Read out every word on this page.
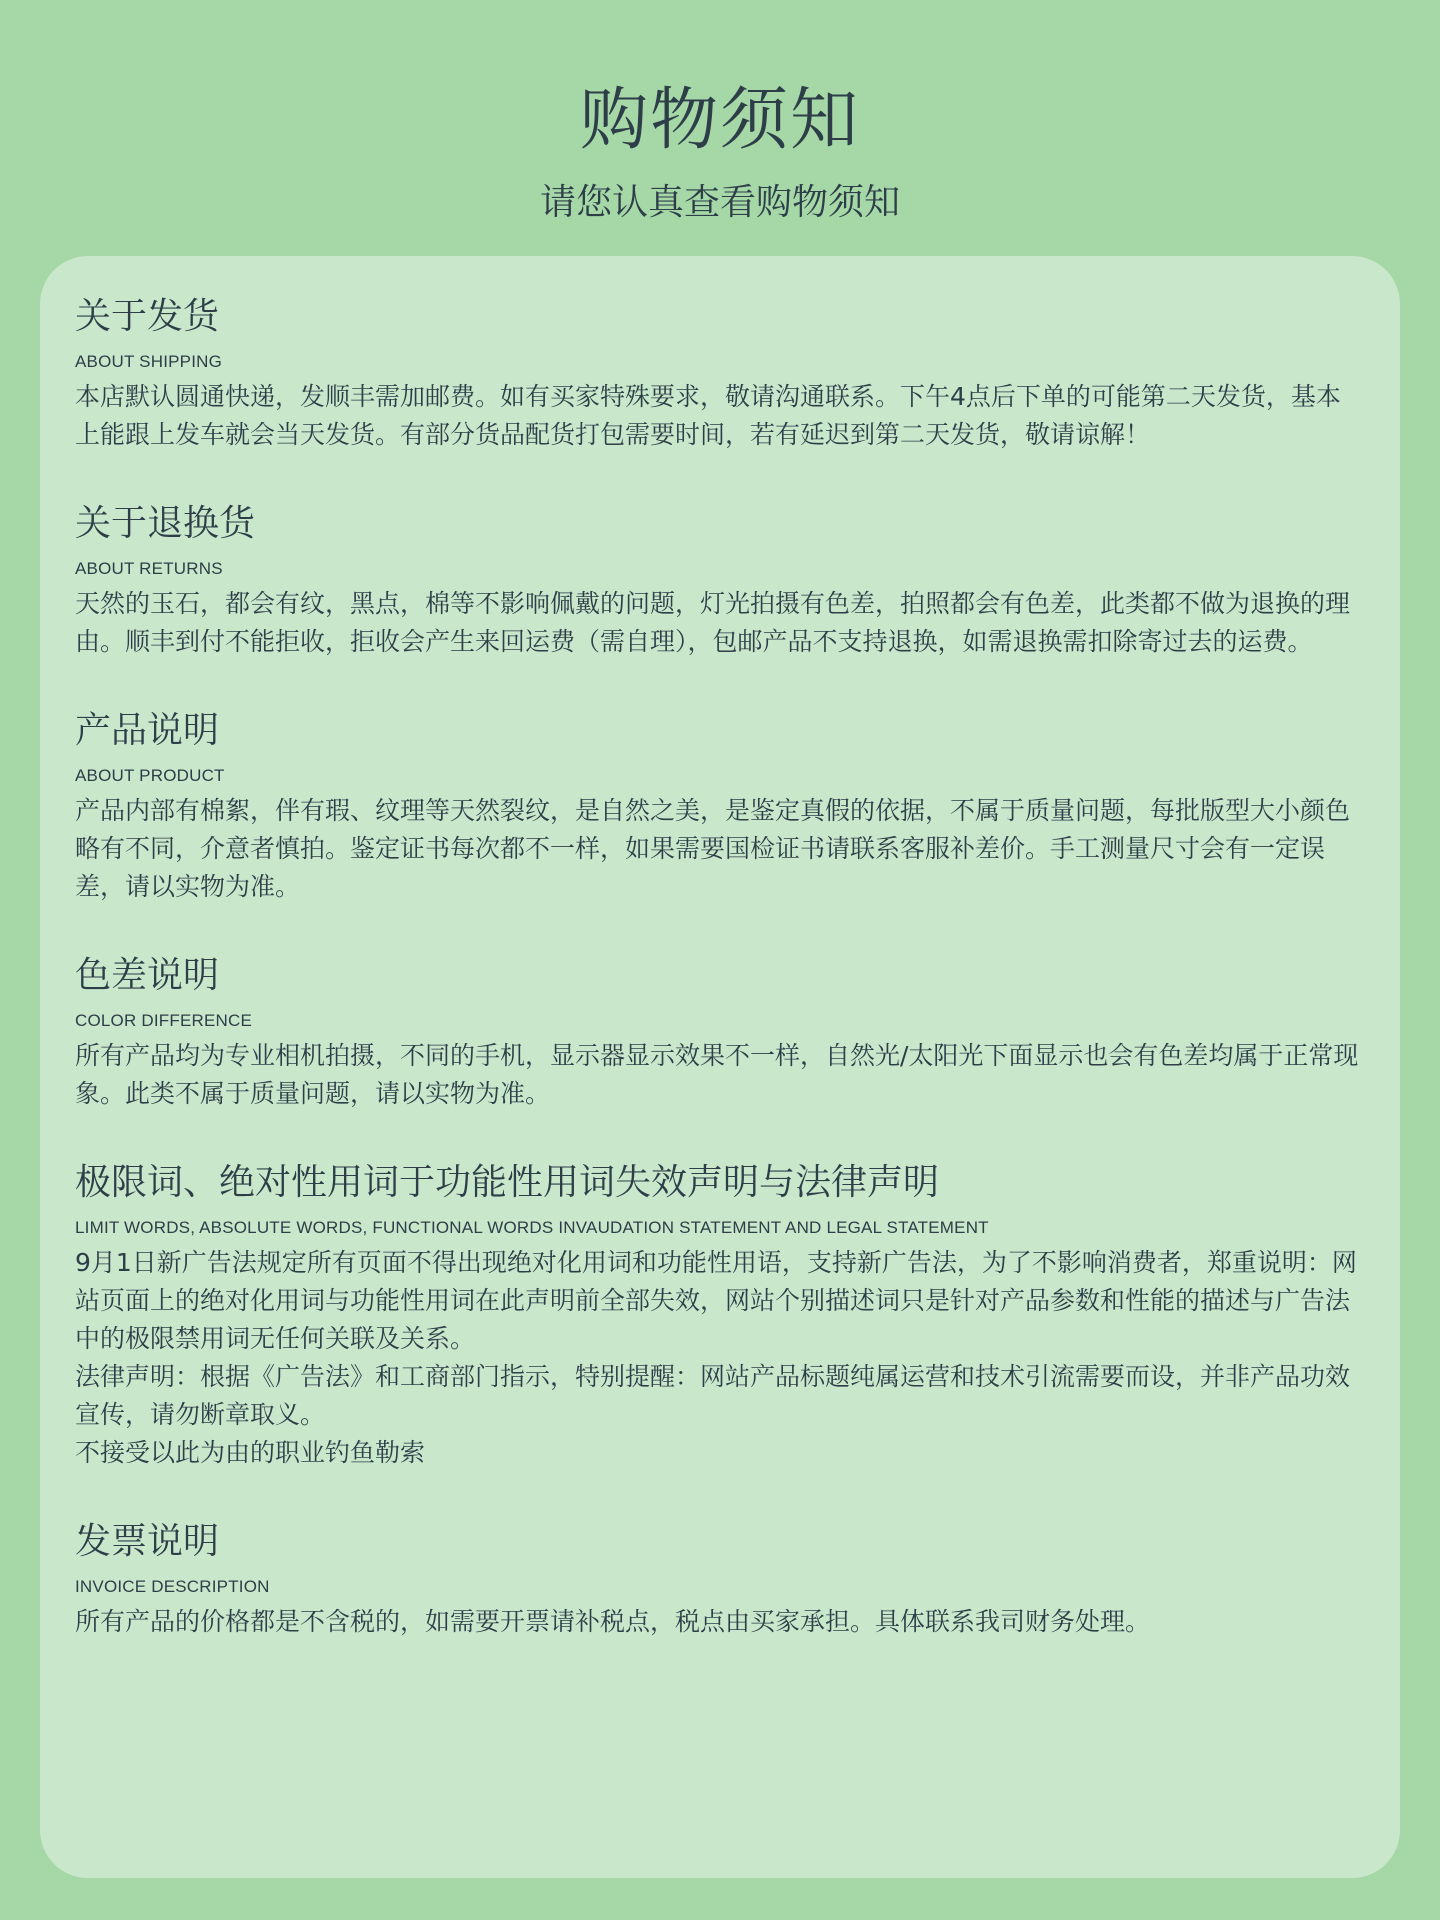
购物须知
请您认真查看购物须知
关于发货
ABOUT SHIPPING

本店默认圆通快递，发顺丰需加邮费。如有买家特殊要求，敬请沟通联系。下午4点后下单的可能第二天发货，基本上能跟上发车就会当天发货。有部分货品配货打包需要时间，若有延迟到第二天发货，敬请谅解！

关于退换货
ABOUT RETURNS

天然的玉石，都会有纹，黑点，棉等不影响佩戴的问题，灯光拍摄有色差，拍照都会有色差，此类都不做为退换的理由。顺丰到付不能拒收，拒收会产生来回运费（需自理），包邮产品不支持退换，如需退换需扣除寄过去的运费。

产品说明
ABOUT PRODUCT

产品内部有棉絮，伴有瑕、纹理等天然裂纹，是自然之美，是鉴定真假的依据，不属于质量问题，每批版型大小颜色略有不同，介意者慎拍。鉴定证书每次都不一样，如果需要国检证书请联系客服补差价。手工测量尺寸会有一定误差，请以实物为准。

色差说明
COLOR DIFFERENCE

所有产品均为专业相机拍摄，不同的手机，显示器显示效果不一样，自然光/太阳光下面显示也会有色差均属于正常现象。此类不属于质量问题，请以实物为准。

极限词、绝对性用词于功能性用词失效声明与法律声明
LIMIT WORDS, ABSOLUTE WORDS, FUNCTIONAL WORDS INVAUDATION STATEMENT AND LEGAL STATEMENT

9月1日新广告法规定所有页面不得出现绝对化用词和功能性用语，支持新广告法，为了不影响消费者，郑重说明：网站页面上的绝对化用词与功能性用词在此声明前全部失效，网站个别描述词只是针对产品参数和性能的描述与广告法中的极限禁用词无任何关联及关系。

法律声明：根据《广告法》和工商部门指示，特别提醒：网站产品标题纯属运营和技术引流需要而设，并非产品功效宣传，请勿断章取义。

不接受以此为由的职业钓鱼勒索

发票说明
INVOICE DESCRIPTION

所有产品的价格都是不含税的，如需要开票请补税点，税点由买家承担。具体联系我司财务处理。
